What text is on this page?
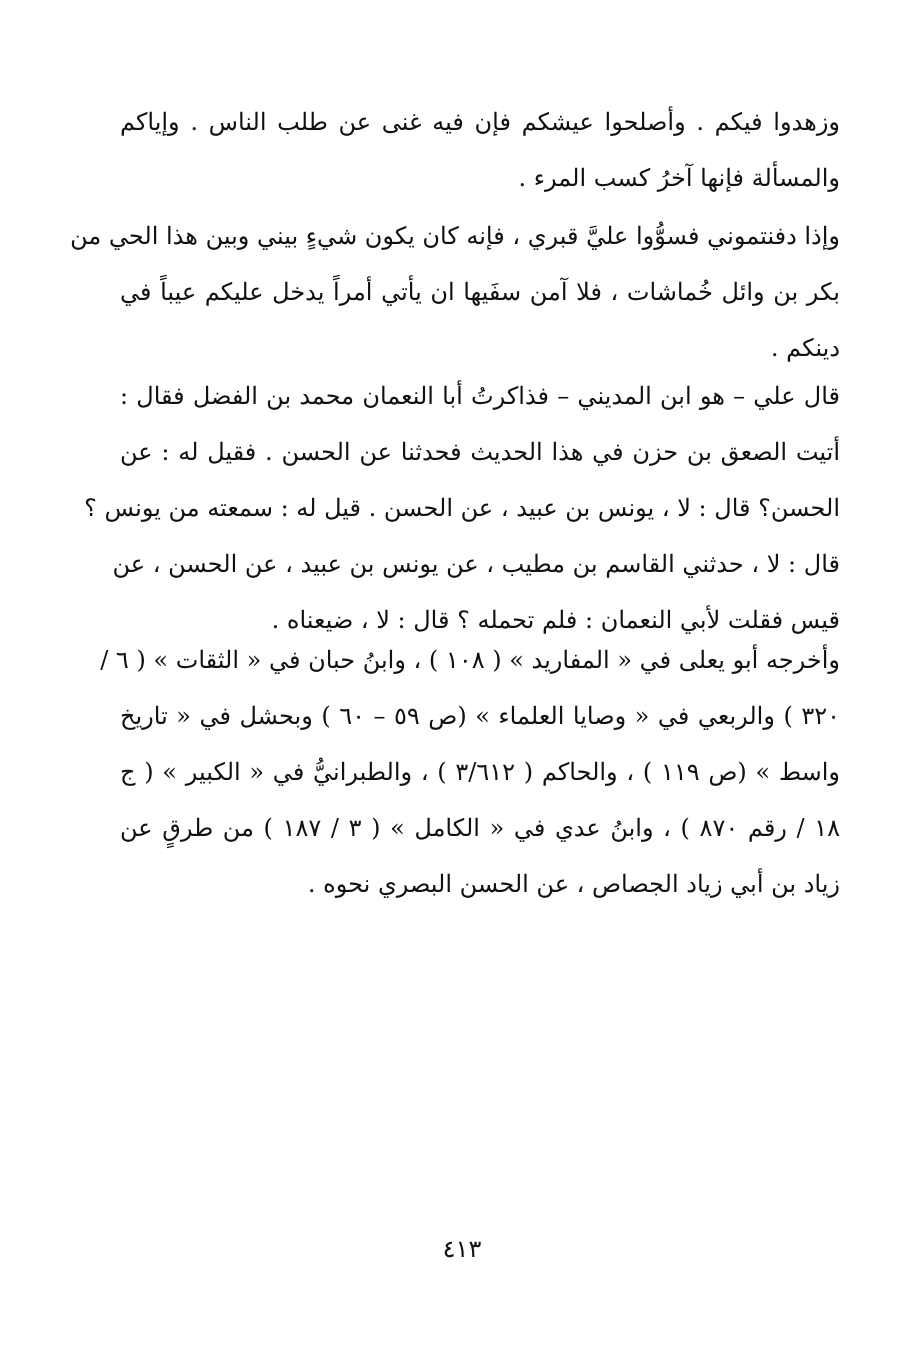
وزهدوا فيكم . وأصلحوا عيشكم فإن فيه غنى عن طلب الناس . وإياكم
والمسألة فإنها آخرُ كسب المرء .
وإذا دفنتموني فسوُّوا عليَّ قبري ، فإنه كان يكون شيءٍ بيني وبين هذا الحي من
بكر بن وائل خُماشات ، فلا آمن سفَيها ان يأتي أمراً يدخل عليكم عيباً في
دينكم .
قال علي – هو ابن المديني – فذاكرتُ أبا النعمان محمد بن الفضل فقال :
أتيت الصعق بن حزن في هذا الحديث فحدثنا عن الحسن . فقيل له : عن
الحسن؟ قال : لا ، يونس بن عبيد ، عن الحسن . قيل له : سمعته من يونس ؟
قال : لا ، حدثني القاسم بن مطيب ، عن يونس بن عبيد ، عن الحسن ، عن
قيس فقلت لأبي النعمان : فلم تحمله ؟ قال : لا ، ضيعناه .
وأخرجه أبو يعلى في « المفاريد » ( ١٠٨ ) ، وابنُ حبان في « الثقات » ( ٦ /
٣٢٠ ) والربعي في « وصايا العلماء » (ص ٥٩ – ٦٠ ) وبحشل في « تاريخ
واسط » (ص ١١٩ ) ، والحاكم ( ٣/٦١٢ ) ، والطبرانيُّ في « الكبير » ( ج
١٨ / رقم ٨٧٠ ) ، وابنُ عدي في « الكامل » ( ٣ / ١٨٧ ) من طرقٍ عن
زياد بن أبي زياد الجصاص ، عن الحسن البصري نحوه .
٤١٣
